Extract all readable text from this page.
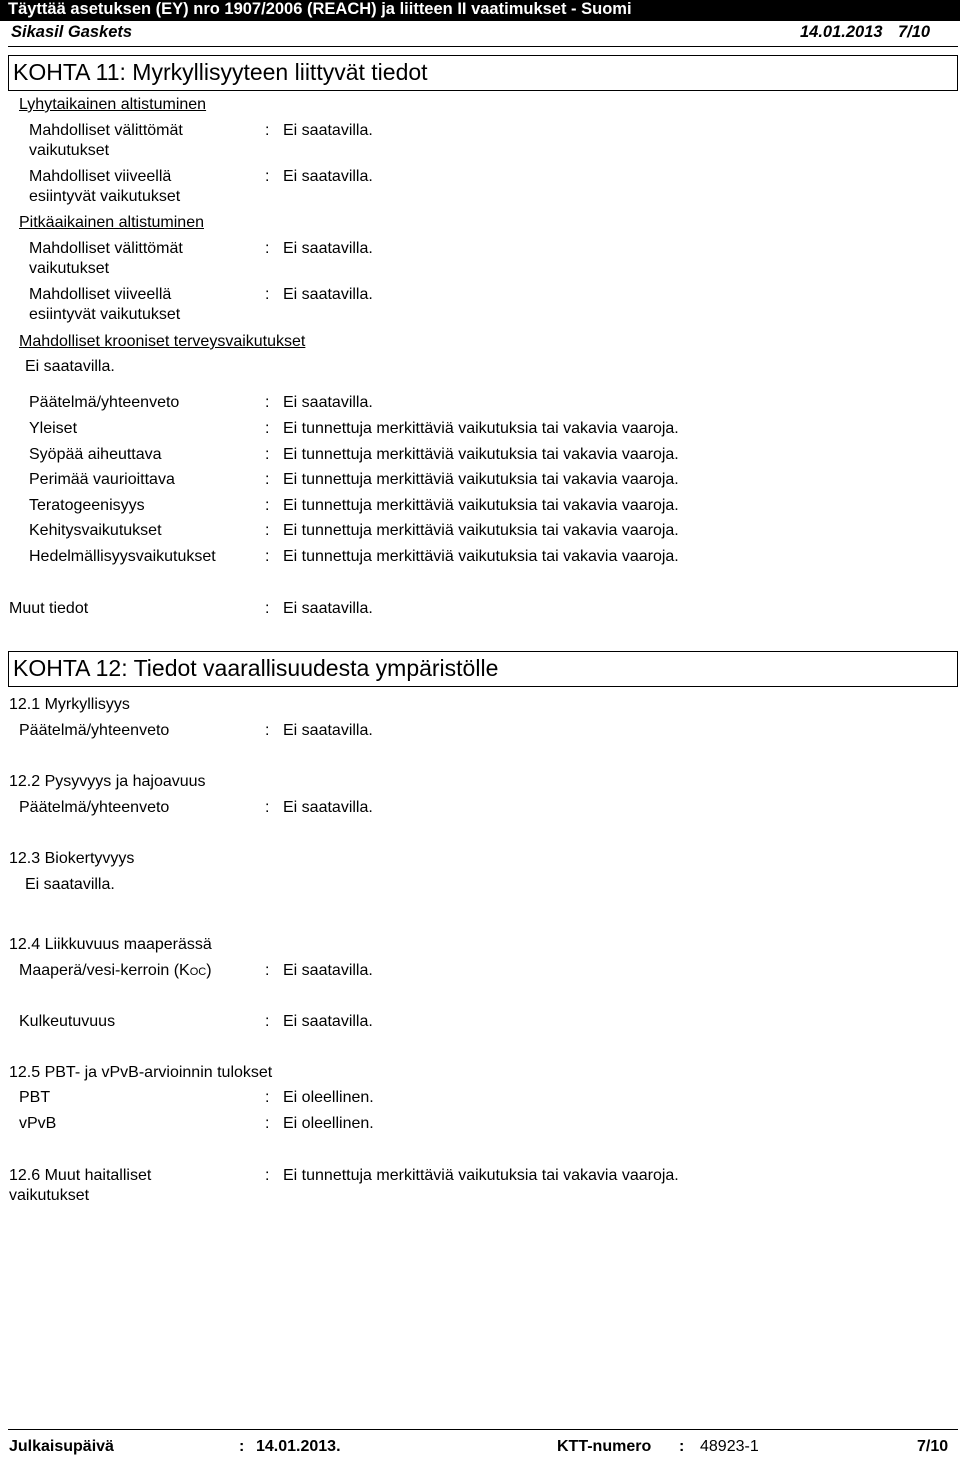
Täyttää asetuksen (EY) nro 1907/2006 (REACH) ja liitteen II vaatimukset - Suomi
Sikasil Gaskets	14.01.2013 7/10
KOHTA 11: Myrkyllisyyteen liittyvät tiedot
Lyhytaikainen altistuminen
Mahdolliset välittömät
vaikutukset
: Ei saatavilla.
Mahdolliset viiveellä
esiintyvät vaikutukset
: Ei saatavilla.
Pitkäaikainen altistuminen
Mahdolliset välittömät
vaikutukset
: Ei saatavilla.
Mahdolliset viiveellä
esiintyvät vaikutukset
: Ei saatavilla.
Mahdolliset krooniset terveysvaikutukset
Ei saatavilla.
Päätelmä/yhteenveto	: Ei saatavilla.
Yleiset	: Ei tunnettuja merkittäviä vaikutuksia tai vakavia vaaroja.
Syöpää aiheuttava	: Ei tunnettuja merkittäviä vaikutuksia tai vakavia vaaroja.
Perimää vaurioittava	: Ei tunnettuja merkittäviä vaikutuksia tai vakavia vaaroja.
Teratogeenisyys	: Ei tunnettuja merkittäviä vaikutuksia tai vakavia vaaroja.
Kehitysvaikutukset	: Ei tunnettuja merkittäviä vaikutuksia tai vakavia vaaroja.
Hedelmällisyysvaikutukset	: Ei tunnettuja merkittäviä vaikutuksia tai vakavia vaaroja.
Muut tiedot	: Ei saatavilla.
KOHTA 12: Tiedot vaarallisuudesta ympäristölle
12.1 Myrkyllisyys
Päätelmä/yhteenveto	: Ei saatavilla.
12.2 Pysyvyys ja hajoavuus
Päätelmä/yhteenveto	: Ei saatavilla.
12.3 Biokertyvyys
Ei saatavilla.
12.4 Liikkuvuus maaperässä
Maaperä/vesi-kerroin (KOC)	: Ei saatavilla.
Kulkeutuvuus	: Ei saatavilla.
12.5 PBT- ja vPvB-arvioinnin tulokset
PBT	: Ei oleellinen.
vPvB	: Ei oleellinen.
12.6 Muut haitalliset
vaikutukset
: Ei tunnettuja merkittäviä vaikutuksia tai vakavia vaaroja.
Julkaisupäivä	: 14.01.2013.	KTT-numero : 48923-1	7/10
